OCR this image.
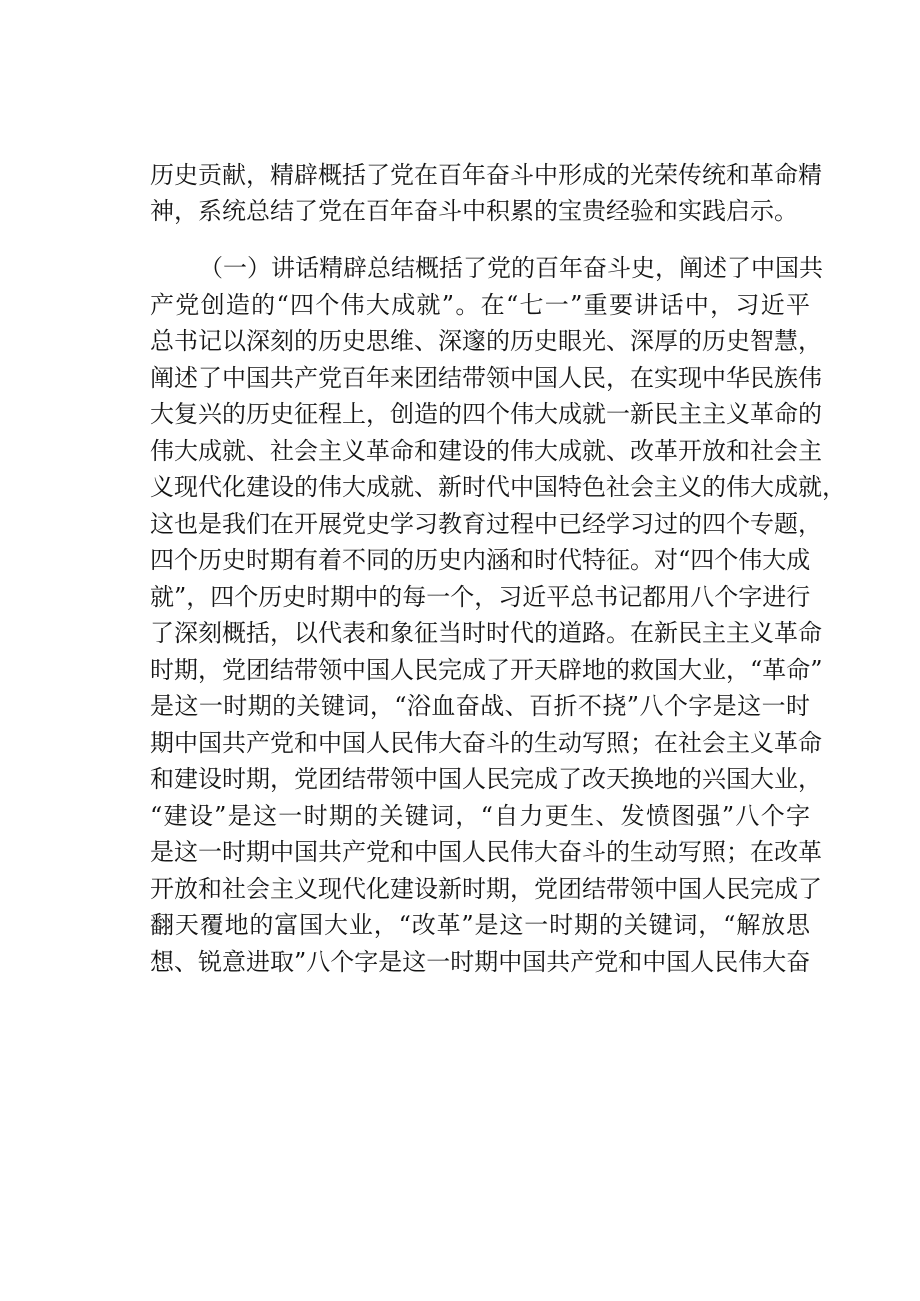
历史贡献，精辟概括了党在百年奋斗中形成的光荣传统和革命精
神，系统总结了党在百年奋斗中积累的宝贵经验和实践启示。
（一）讲话精辟总结概括了党的百年奋斗史，阐述了中国共
产党创造的“四个伟大成就”。在“七一”重要讲话中，习近平
总书记以深刻的历史思维、深邃的历史眼光、深厚的历史智慧，
阐述了中国共产党百年来团结带领中国人民，在实现中华民族伟
大复兴的历史征程上，创造的四个伟大成就一新民主主义革命的
伟大成就、社会主义革命和建设的伟大成就、改革开放和社会主
义现代化建设的伟大成就、新时代中国特色社会主义的伟大成就，
这也是我们在开展党史学习教育过程中已经学习过的四个专题，
四个历史时期有着不同的历史内涵和时代特征。对“四个伟大成
就”，四个历史时期中的每一个，习近平总书记都用八个字进行
了深刻概括，以代表和象征当时时代的道路。在新民主主义革命
时期，党团结带领中国人民完成了开天辟地的救国大业，“革命”
是这一时期的关键词，“浴血奋战、百折不挠”八个字是这一时
期中国共产党和中国人民伟大奋斗的生动写照；在社会主义革命
和建设时期，党团结带领中国人民完成了改天换地的兴国大业，
“建设”是这一时期的关键词，“自力更生、发愤图强”八个字
是这一时期中国共产党和中国人民伟大奋斗的生动写照；在改革
开放和社会主义现代化建设新时期，党团结带领中国人民完成了
翻天覆地的富国大业，“改革”是这一时期的关键词，“解放思
想、锐意进取”八个字是这一时期中国共产党和中国人民伟大奋
